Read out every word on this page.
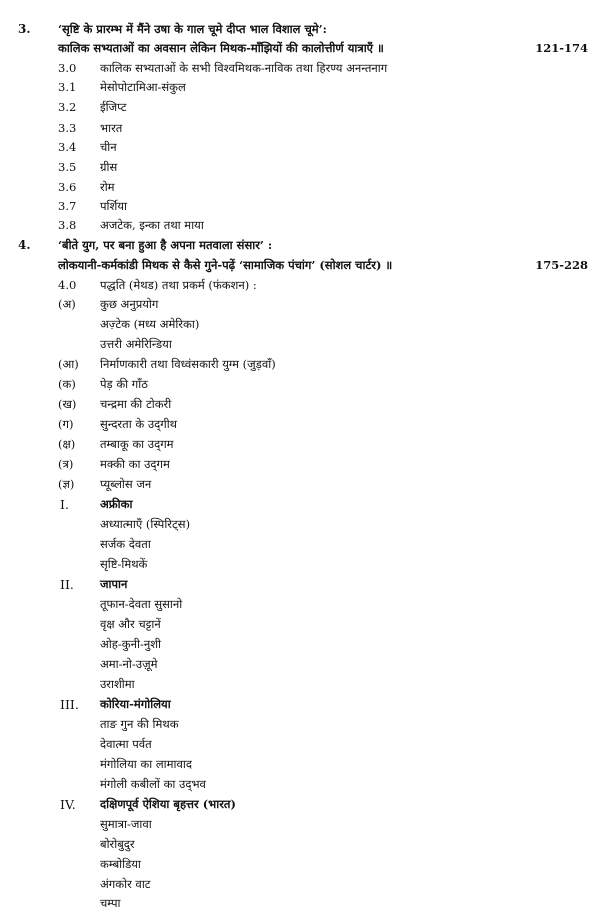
3. ‘सृष्टि के प्रारम्भ में मैंने उषा के गाल चूमे दीप्त भाल विशाल चूमे’:
कालिक सभ्यताओं का अवसान लेकिन मिथक-माँझियों की कालोत्तीर्ण यात्राएँ ॥	121-174
3.0 कालिक सभ्यताओं के सभी विश्वमिथक-नाविक तथा हिरण्य अनन्तनाग
3.1 मेसोपोटामिआ-संकुल
3.2 ईजिप्ट
3.3 भारत
3.4 चीन
3.5 ग्रीस
3.6 रोम
3.7 पर्शिया
3.8 अजटेक, इन्का तथा माया
4. ‘बीते युग, पर बना हुआ है अपना मतवाला संसार’ :
लोकयानी-कर्मकांडी मिथक से कैसे गुने-पढ़ें ‘सामाजिक पंचांग’ (सोशल चार्टर) ॥	175-228
4.0 पद्धति (मेथड) तथा प्रकर्म (फंकशन) :
(अ) कुछ अनुप्रयोग
अज़्टेक (मध्य अमेरिका)
उत्तरी अमेरिन्डिया
(आ) निर्माणकारी तथा विध्वंसकारी युग्म (जुड़वाँ)
(क) पेड़ की गाँठ
(ख) चन्द्रमा की टोकरी
(ग) सुन्दरता के उद्‌गीथ
(क्ष) तम्बाकू का उद्‌गम
(त्र) मक्की का उद्‌गम
(ज्ञ) प्यूब्लोस जन
I.	अफ्रीका
अध्यात्माएँ (स्पिरिट्स)
सर्जक देवता
सृष्टि-मिथकें
II. जापान
तूफान-देवता सुसानो
वृक्ष और चट्टानें
ओह-कुनी-नुशी
अमा-नो-उज़ूमे
उराशीमा
III. कोरिया-मंगोलिया
ताङ गुन की मिथक
देवात्मा पर्वत
मंगोलिया का लामावाद
मंगोली कबीलों का उद्‌भव
IV. दक्षिणपूर्व ऐशिया बृहत्तर (भारत)
सुमात्रा-जावा
बोरोबुदुर
कम्बोडिया
अंगकोर वाट
चम्पा
